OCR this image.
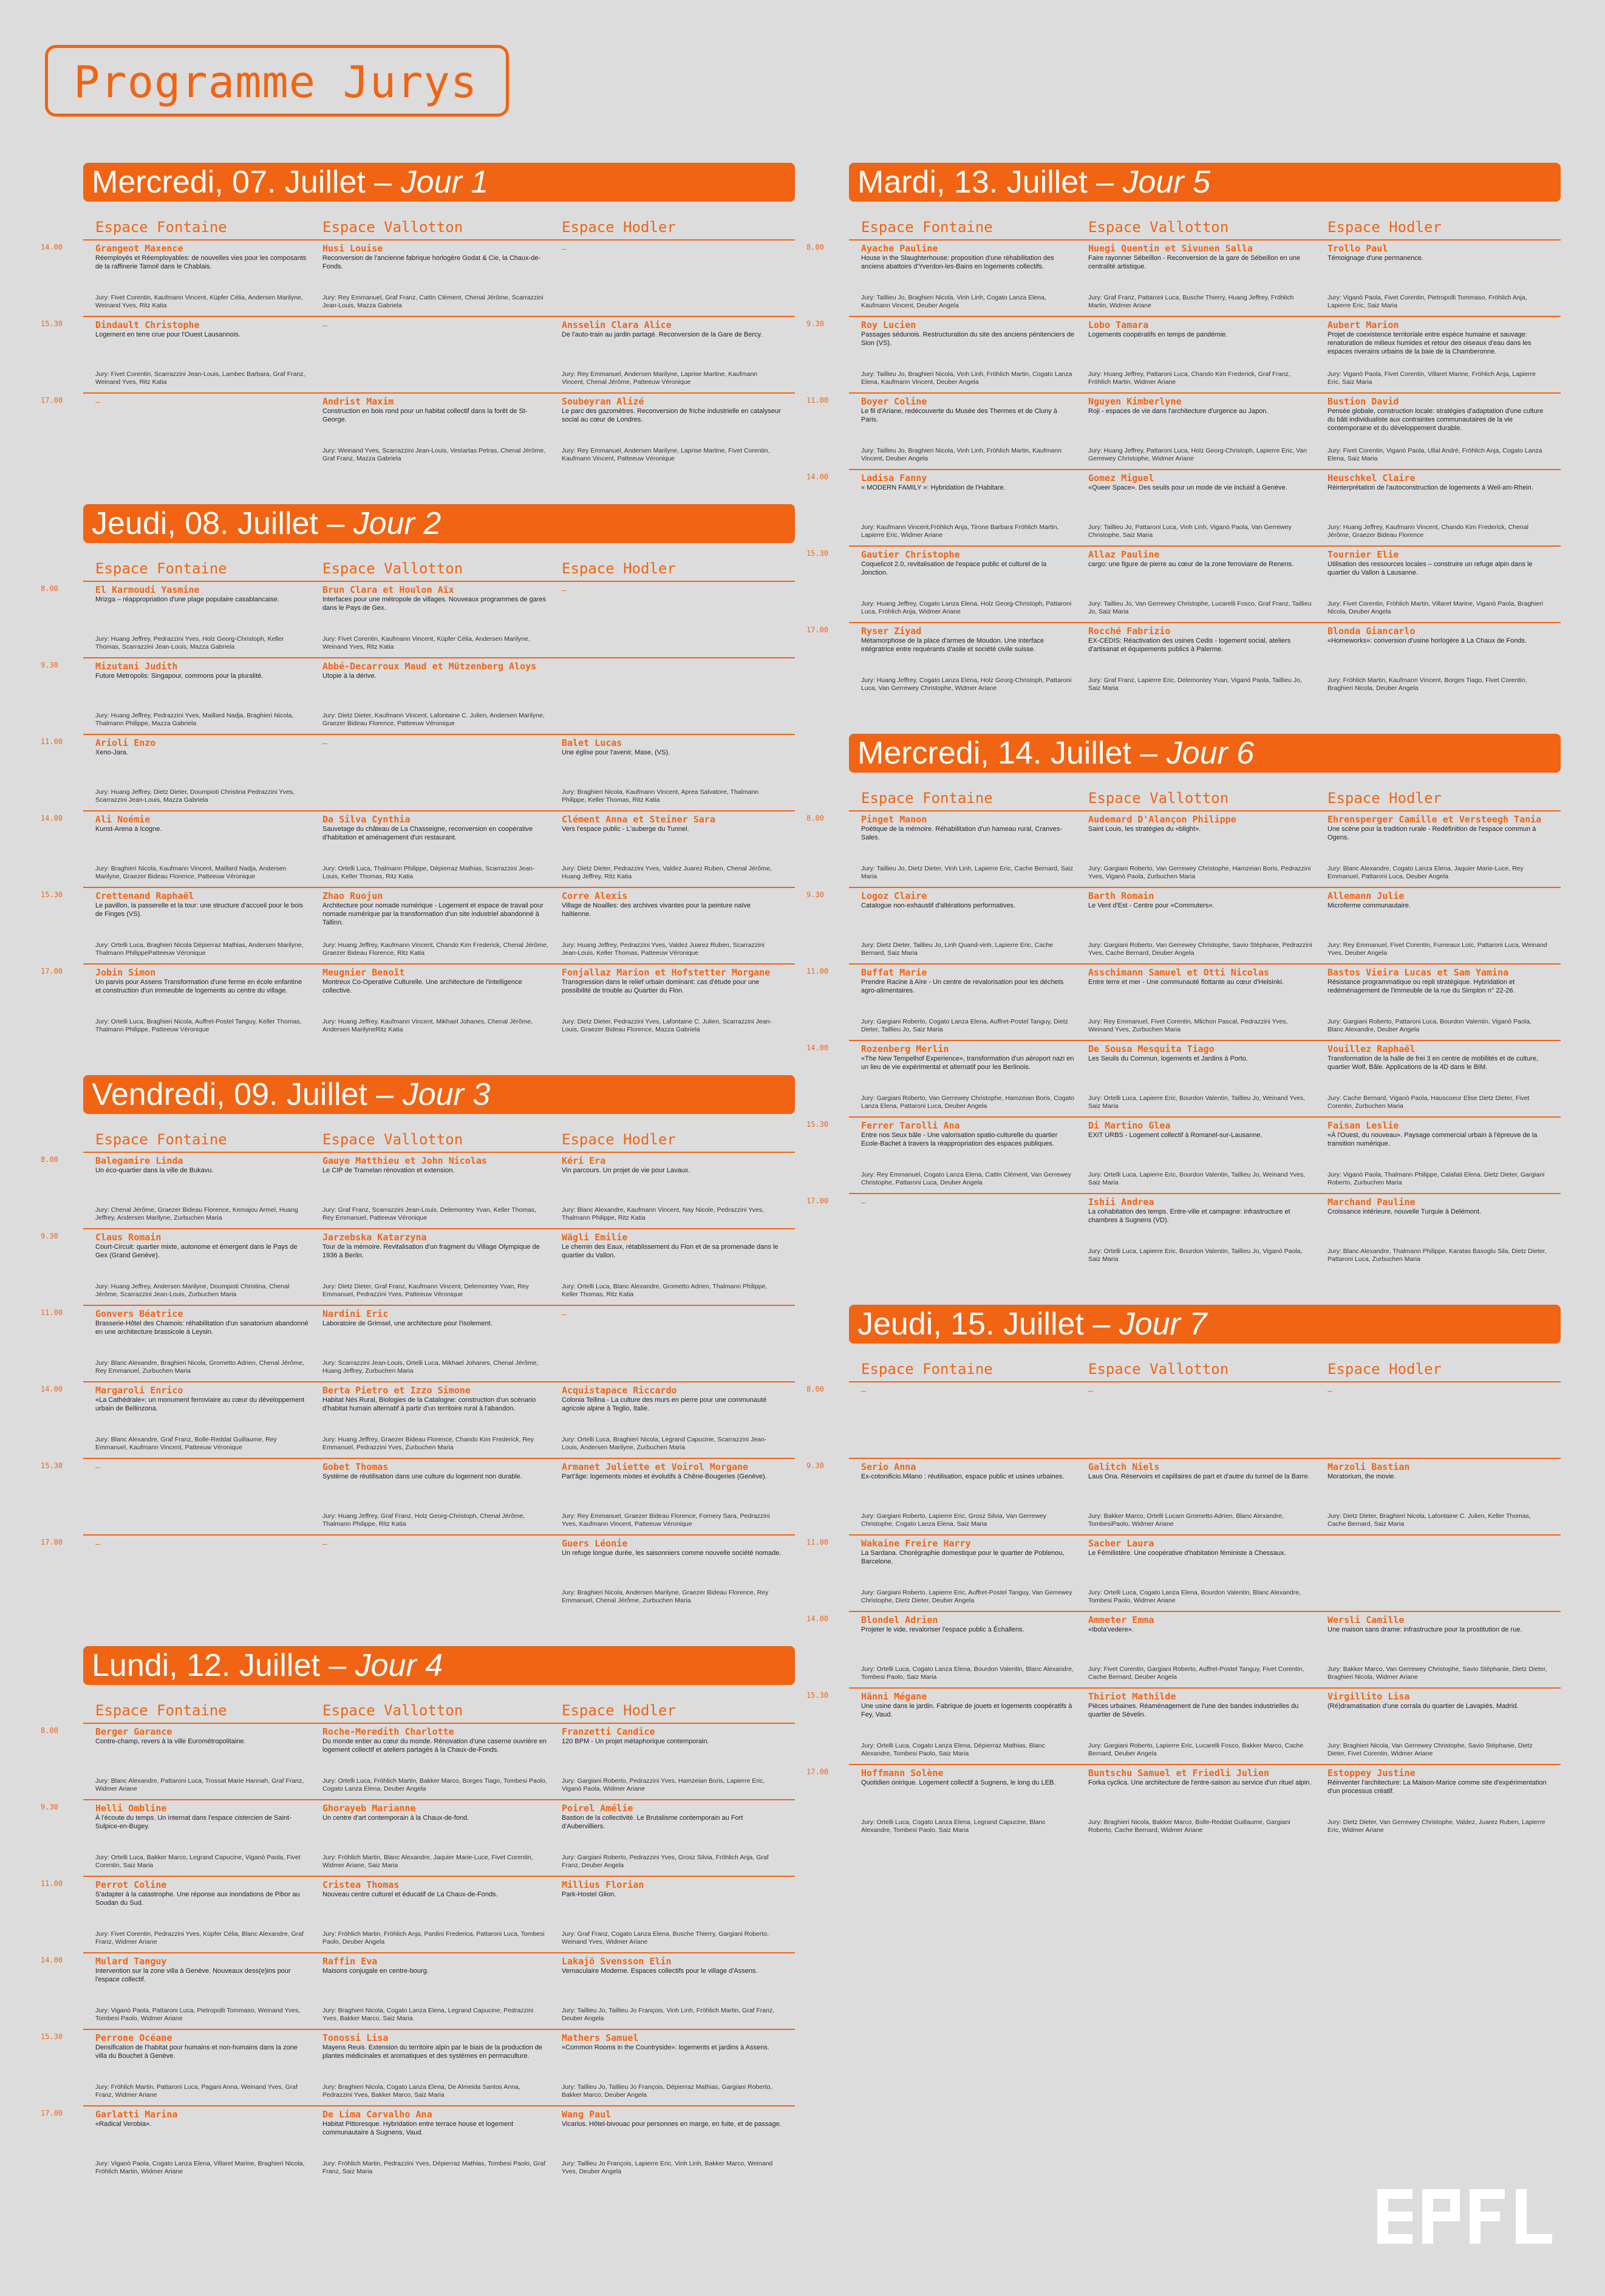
Programme Jurys
Mercredi, 07. Juillet – Jour 1
Espace Fontaine	Espace Vallotton	Espace Hodler
14.00	Grangeot Maxence
Réemployés et Réemployables: de nouvelles vies pour les composants de la raffinerie Tamoil dans le Chablais.
Jury: Fivet Corentin, Kaufmann Vincent, Küpfer Célia, Andersen Marilyne, Weinand Yves, Ritz Katia
Husi Louise
Reconversion de l'ancienne fabrique horlogère Godat & Cie, la Chaux-de-Fonds.
Jury: Rey Emmanuel, Graf Franz, Cattin Clément, Chenal Jérôme, Scarrazzini Jean-Louis, Mazza Gabriela
–
15.30	Dindault Christophe
Logement en terre crue pour l'Ouest Lausannois.
Jury: Fivet Corentin, Scarrazzini Jean-Louis, Lambec Barbara, Graf Franz, Weinand Yves, Ritz Katia
–	Ansselin Clara Alice
De l'auto-train au jardin partagé. Reconversion de la Gare de Bercy.
Jury: Rey Emmanuel, Andersen Marilyne, Laprise Martine, Kaufmann Vincent, Chenal Jérôme, Patteeuw Véronique
17.00	–	Andrist Maxim
Construction en bois rond pour un habitat collectif dans la forêt de St-George.
Jury: Weinand Yves, Scarrazzini Jean-Louis, Vestartas Petras, Chenal Jérôme, Graf Franz, Mazza Gabriela
Soubeyran Alizé
Le parc des gazomètres. Reconversion de friche industrielle en catalyseur social au cœur de Londres.
Jury: Rey Emmanuel, Andersen Marilyne, Laprise Martine, Fivet Corentin, Kaufmann Vincent, Patteeuw Véronique
Jeudi, 08. Juillet – Jour 2
Espace Fontaine	Espace Vallotton	Espace Hodler
8.00	El Karmoudi Yasmine
Mrizga – réappropriation d'une plage populaire casablancaise.
Jury: Huang Jeffrey, Pedrazzini Yves, Holz Georg-Christoph, Keller Thomas, Scarrazzini Jean-Louis, Mazza Gabriela
Brun Clara et Houlon Aïx
Interfaces pour une métropole de villages. Nouveaux programmes de gares dans le Pays de Gex.
Jury: Fivet Corentin, Kaufmann Vincent, Küpfer Célia, Andersen Marilyne, Weinand Yves, Ritz Katia
–
9.30	Mizutani Judith
Future Metropolis: Singapour, commons pour la pluralité.
Jury: Huang Jeffrey, Pedrazzini Yves, Maillard Nadja, Braghieri Nicola, Thalmann Philippe, Mazza Gabriela
Abbé-Decarroux Maud et Mützenberg Aloys
Utopie à la dérive.
Jury: Dietz Dieter, Kaufmann Vincent, Lafontaine C. Julien, Andersen Marilyne, Graezer Bideau Florence, Patteeuw Véronique
11.00	Arioli Enzo
Xeno-Jara.
Jury: Huang Jeffrey, Dietz Dieter, Doumpioti Christina Pedrazzini Yves, Scarrazzini Jean-Louis, Mazza Gabriela
–	Balet Lucas
Une église pour l'avenir, Mase, (VS).
Jury: Braghieri Nicola, Kaufmann Vincent, Aprea Salvatore, Thalmann Philippe, Keller Thomas, Ritz Katia
14.00	Ali Noémie
Kunst-Arena à Icogne.
Jury: Braghieri Nicola, Kaufmann Vincent, Maillard Nadja, Andersen Marilyne, Graezer Bideau Florence, Patteeuw Véronique
Da Silva Cynthia
Sauvetage du château de La Chasseigne, reconversion en coopérative d'habitation et aménagement d'un restaurant.
Jury: Ortelli Luca, Thalmann Philippe, Dépierraz Mathias, Scarrazzini Jean-Louis, Keller Thomas, Ritz Katia
Clément Anna et Steiner Sara
Vers l'espace public - L'auberge du Tunnel.
Jury: Dietz Dieter, Pedrazzini Yves, Valdez Juarez Ruben, Chenal Jérôme, Huang Jeffrey, Ritz Katia
15.30	Crettenand Raphaël
Le pavillon, la passerelle et la tour: une structure d'accueil pour le bois de Finges (VS).
Jury: Ortelli Luca, Braghieri Nicola Dépierraz Mathias, Andersen Marilyne, Thalmann PhilippePatteeuw Véronique
Zhao Ruojun
Architecture pour nomade numérique - Logement et espace de travail pour nomade numérique par la transformation d'un site industriel abandonné à Tallinn.
Jury: Huang Jeffrey, Kaufmann Vincent, Chando Kim Frederick, Chenal Jérôme, Graezer Bideau Florence, Ritz Katia
Corre Alexis
Village de Noailles: des archives vivantes pour la peinture naïve haïtienne.
Jury: Huang Jeffrey, Pedrazzini Yves, Valdez Juarez Ruben, Scarrazzini Jean-Louis, Keller Thomas, Patteeuw Véronique
17.00	Jobin Simon
Un parvis pour Assens Transformation d'une ferme en école enfantine et construction d'un immeuble de logements au centre du village.
Jury: Ortelli Luca, Braghieri Nicola, Auffret-Postel Tanguy, Keller Thomas, Thalmann Philippe, Patteeuw Véronique
Meugnier Benoît
Montreux Co-Operative Culturelle. Une architecture de l'intelligence collective.
Jury: Huang Jeffrey, Kaufmann Vincent, Mikhael Johanes, Chenal Jérôme, Andersen MarilyneRitz Katia
Fonjallaz Marion et Hofstetter Morgane
Transgression dans le relief urbain dominant: cas d'étude pour une possibilité de trouble au Quartier du Flon.
Jury: Dietz Dieter, Pedrazzini Yves, Lafontaine C. Julien, Scarrazzini Jean-Louis, Graezer Bideau Florence, Mazza Gabriela
Vendredi, 09. Juillet – Jour 3
Espace Fontaine	Espace Vallotton	Espace Hodler
8.00	Balegamire Linda
Un éco-quartier dans la ville de Bukavu.
Jury: Chenal Jérôme, Graezer Bideau Florence, Kemajou Armel, Huang Jeffrey, Andersen Marilyne, Zurbuchen Maria
Gauye Matthieu et John Nicolas
Le CIP de Tramelan rénovation et extension.
Jury: Graf Franz, Scarrazzini Jean-Louis, Delemontey Yvan, Keller Thomas, Rey Emmanuel, Patteeuw Véronique
Kéri Era
Vin parcours. Un projet de vie pour Lavaux.
Jury: Blanc Alexandre, Kaufmann Vincent, Nay Nicole, Pedrazzini Yves, Thalmann Philippe, Ritz Katia
9.30	Claus Romain
Court-Circuit: quartier mixte, autonome et émergent dans le Pays de Gex (Grand Genève).
Jury: Huang Jeffrey, Andersen Marilyne, Doumpioti Christina, Chenal Jérôme, Scarrazzini Jean-Louis, Zurbuchen Maria
Jarzebska Katarzyna
Tour de la mémoire. Revitalisation d'un fragment du Village Olympique de 1936 à Berlin.
Jury: Dietz Dieter, Graf Franz, Kaufmann Vincent, Delemontey Yvan, Rey Emmanuel, Pedrazzini Yves, Patteeuw Véronique
Wägli Emilie
Le chemin des Eaux, rétablissement du Flon et de sa promenade dans le quartier du Vallon.
Jury: Ortelli Luca, Blanc Alexandre, Grometto Adrien, Thalmann Philippe, Keller Thomas, Ritz Katia
11.00	Gonvers Béatrice
Brasserie-Hôtel des Chamois: réhabilitation d'un sanatorium abandonné en une architecture brassicole à Leysin.
Jury: Blanc Alexandre, Braghieri Nicola, Grometto Adrien, Chenal Jérôme, Rey Emmanuel, Zurbuchen Maria
Nardini Eric
Laboratoire de Grimsel, une architecture pour l'isolement.
Jury: Scarrazzini Jean-Louis, Ortelli Luca, Mikhael Johanes, Chenal Jérôme, Huang Jeffrey, Zurbuchen Maria
–
14.00	Margaroli Enrico
«La Cathédrale»: un monument ferroviaire au cœur du développement urbain de Bellinzona.
Jury: Blanc Alexandre, Graf Franz, Bolle-Reddat Guillaume, Rey Emmanuel, Kaufmann Vincent, Patteeuw Véronique
Berta Pietro et Izzo Simone
Habitat Nés Rural, Biologies de la Catalogne: construction d'un scénario d'habitat humain alternatif à partir d'un territoire rural à l'abandon.
Jury: Huang Jeffrey, Graezer Bideau Florence, Chando Kim Frederick, Rey Emmanuel, Pedrazzini Yves, Zurbuchen Maria
Acquistapace Riccardo
Colonia Tellina - La culture des murs en pierre pour une communauté agricole alpine à Teglio, Italie.
Jury: Ortelli Luca, Braghieri Nicola, Legrand Capucine, Scarrazzini Jean-Louis, Andersen Marilyne, Zurbuchen Maria
15.30	–	Gobet Thomas
Système de réutilisation dans une culture du logement non durable.
Jury: Huang Jeffrey, Graf Franz, Holz Georg-Christoph, Chenal Jérôme, Thalmann Philippe, Ritz Katia
Armanet Juliette et Voirol Morgane
Part'âge: logements mixtes et évolutifs à Chêne-Bougeries (Genève).
Jury: Rey Emmanuel, Graezer Bideau Florence, Fornery Sara, Pedrazzini Yves, Kaufmann Vincent, Patteeuw Véronique
17.00	–	–	Guers Léonie
Un refuge longue durée, les saisonniers comme nouvelle société nomade.
Jury: Braghieri Nicola, Andersen Marilyne, Graezer Bideau Florence, Rey Emmanuel, Chenal Jérôme, Zurbuchen Maria
Lundi, 12. Juillet – Jour 4
Espace Fontaine	Espace Vallotton	Espace Hodler
8.00	Berger Garance
Contre-champ, revers à la ville Eurométropolitaine.
Jury: Blanc Alexandre, Pattaroni Luca, Trossat Marie Hannah, Graf Franz, Widmer Ariane
Roche-Meredith Charlotte
Du monde entier au cœur du monde. Rénovation d'une caserne ouvrière en logement collectif et ateliers partagés à la Chaux-de-Fonds.
Jury: Ortelli Luca, Fröhlich Martin, Bakker Marco, Borges Tiago, Tombesi Paolo, Cogato Lanza Elena, Deuber Angela
Franzetti Candice
120 BPM - Un projet métaphorique contemporain.
Jury: Gargiani Roberto, Pedrazzini Yves, Hamzeian Boris, Lapierre Eric, Viganò Paola, Widmer Ariane
9.30	Helli Ombline
À l'écoute du temps. Un internat dans l'espace cistercien de Saint-Sulpice-en-Bugey.
Jury: Ortelli Luca, Bakker Marco, Legrand Capucine, Viganò Paola, Fivet Corentin, Saiz Maria
Ghorayeb Marianne
Un centre d'art contemporain à la Chaux-de-fond.
Jury: Fröhlich Martin, Blanc Alexandre, Jaquier Marie-Luce, Fivet Corentin, Widmer Ariane, Saiz Maria
Poirel Amélie
Bastion de la collectivité. Le Brutalisme contemporain au Fort d'Aubervilliers.
Jury: Gargiani Roberto, Pedrazzini Yves, Grosz Silvia, Fröhlich Anja, Graf Franz, Deuber Angela
11.00	Perrot Coline
S'adapter à la catastrophe. Une réponse aux inondations de Pibor au Soudan du Sud.
Jury: Fivet Corentin, Pedrazzini Yves, Küpfer Célia, Blanc Alexandre, Graf Franz, Widmer Ariane
Cristea Thomas
Nouveau centre culturel et éducatif de La Chaux-de-Fonds.
Jury: Fröhlich Martin, Fröhlich Anja, Pardini Frederica, Pattaroni Luca, Tombesi Paolo, Deuber Angela
Millius Florian
Park-Hostel Glion.
Jury: Graf Franz, Cogato Lanza Elena, Busche Thierry, Gargiani Roberto, Weinand Yves, Widmer Ariane
14.00	Mulard Tanguy
Intervention sur la zone villa à Genève. Nouveaux dess(e)ins pour l'espace collectif.
Jury: Viganò Paola, Pattaroni Luca, Pietropolli Tommaso, Weinand Yves, Tombesi Paolo, Widmer Ariane
Raffin Eva
Maisons conjugale en centre-bourg.
Jury: Braghieri Nicola, Cogato Lanza Elena, Legrand Capucine, Pedrazzini Yves, Bakker Marco, Saiz Maria
Lakajö Svensson Elin
Vernaculaire Moderne. Espaces collectifs pour le village d'Assens.
Jury: Taillieu Jo, Taillieu Jo François, Vinh Linh, Fröhlich Martin, Graf Franz, Deuber Angela
15.30	Perrone Océane
Densification de l'habitat pour humains et non-humains dans la zone villa du Bouchet à Genève.
Jury: Fröhlich Martin, Pattaroni Luca, Pagani Anna, Weinand Yves, Graf Franz, Widmer Ariane
Tonossi Lisa
Mayens Reuis. Extension du territoire alpin par le biais de la production de plantes médicinales et aromatiques et des systèmes en permaculture.
Jury: Braghieri Nicola, Cogato Lanza Elena, De Almeida Santos Anna, Pedrazzini Yves, Bakker Marco, Saiz Maria
Mathers Samuel
«Common Rooms in the Countryside»: logements et jardins à Assens.
Jury: Taillieu Jo, Taillieu Jo François, Dépierraz Mathias, Gargiani Roberto, Bakker Marco, Deuber Angela
17.00	Garlatti Marina
«Radical Verobia».
Jury: Viganò Paola, Cogato Lanza Elena, Villaret Marine, Braghieri Nicola, Fröhlich Martin, Widmer Ariane
De Lima Carvalho Ana
Habitat Pittoresque. Hybridation entre terrace house et logement communautaire à Sugnens, Vaud.
Jury: Fröhlich Martin, Pedrazzini Yves, Dépierraz Mathias, Tombesi Paolo, Graf Franz, Saiz Maria
Wang Paul
Vicarius. Hôtel-bivouac pour personnes en marge, en fuite, et de passage.
Jury: Taillieu Jo François, Lapierre Eric, Vinh Linh, Bakker Marco, Weinand Yves, Deuber Angela
Mardi, 13. Juillet – Jour 5
Espace Fontaine	Espace Vallotton	Espace Hodler
8.00	Ayache Pauline
House in the Slaughterhouse: proposition d'une réhabilitation des anciens abattoirs d'Yverdon-les-Bains en logements collectifs.
Jury: Taillieu Jo, Braghieri Nicola, Vinh Linh, Cogato Lanza Elena, Kaufmann Vincent, Deuber Angela
Huegi Quentin et Sivunen Salla
Faire rayonner Sébeillon - Reconversion de la gare de Sébeillon en une centralité artistique.
Jury: Graf Franz, Pattaroni Luca, Busche Thierry, Huang Jeffrey, Fröhlich Martin, Widmer Ariane
Trollo Paul
Témoignage d'une permanence.
Jury: Viganò Paola, Fivet Corentin, Pietropolli Tommaso, Fröhlich Anja, Lapierre Eric, Saiz Maria
9.30	Roy Lucien
Passages sédunois. Restructuration du site des anciens pénitenciers de Sion (VS).
Jury: Taillieu Jo, Braghieri Nicola, Vinh Linh, Fröhlich Martin, Cogato Lanza Elena, Kaufmann Vincent, Deuber Angela
Lobo Tamara
Logements coopératifs en temps de pandémie.
Jury: Huang Jeffrey, Pattaroni Luca, Chando Kim Frederick, Graf Franz, Fröhlich Martin, Widmer Ariane
Aubert Marion
Projet de coexistence territoriale entre espèce humaine et sauvage: renaturation de milieux humides et retour des oiseaux d'eau dans les espaces riverains urbains de la baie de la Chamberonne.
Jury: Viganò Paola, Fivet Corentin, Villaret Marine, Fröhlich Anja, Lapierre Eric, Saiz Maria
11.00	Boyer Coline
Le fil d'Ariane, redécouverte du Musée des Thermes et de Cluny à Paris.
Jury: Taillieu Jo, Braghieri Nicola, Vinh Linh, Fröhlich Martin, Kaufmann Vincent, Deuber Angela
Nguyen Kimberlyne
Roji - espaces de vie dans l'architecture d'urgence au Japon.
Jury: Huang Jeffrey, Pattaroni Luca, Holz Georg-Christoph, Lapierre Eric, Van Gerrewey Christophe, Widmer Ariane
Bustion David
Pensée globale, construction locale: stratégies d'adaptation d'une culture du bâti individualiste aux contraintes communautaires de la vie contemporaine et du développement durable.
Jury: Fivet Corentin, Viganò Paola, Ullal André, Fröhlich Anja, Cogato Lanza Elena, Saiz Maria
14.00	Ladisa Fanny
« MODERN FAMILY »: Hybridation de l'Habitare.
Jury: Kaufmann Vincent,Fröhlich Anja, Tirone Barbara Fröhlich Martin, Lapierre Eric, Widmer Ariane
Gomez Miguel
«Queer Space». Des seuils pour un mode de vie incluisf à Genève.
Jury: Taillieu Jo, Pattaroni Luca, Vinh Linh, Viganò Paola, Van Gerrewey Christophe, Saiz Maria
Heuschkel Claire
Réinterprétation de l'autoconstruction de logements à Weil-am-Rhein.
Jury: Huang Jeffrey, Kaufmann Vincent, Chando Kim Frederick, Chenal Jérôme, Graezer Bideau Florence
15.30	Gautier Christophe
Coquelicot 2.0, revitalisation de l'espace public et culturel de la Jonction.
Jury: Huang Jeffrey, Cogato Lanza Elena, Holz Georg-Christoph, Pattaroni Luca, Fröhlich Anja, Widmer Ariane
Allaz Pauline
cargo: une figure de pierre au cœur de la zone ferroviaire de Renens.
Jury: Taillieu Jo, Van Gerrewey Christophe, Lucarelli Fosco, Graf Franz, Taillieu Jo, Saiz Maria
Tournier Elie
Utilisation des ressources locales – construire un refuge alpin dans le quartier du Vallon à Lausanne.
Jury: Fivet Corentin, Fröhlich Martin, Villaret Marine, Viganò Paola, Braghieri Nicola, Deuber Angela
17.00	Ryser Ziyad
Métamorphose de la place d'armes de Moudon. Une interface intégratrice entre requérants d'asile et société civile suisse.
Jury: Huang Jeffrey, Cogato Lanza Elena, Holz Georg-Christoph, Pattaroni Luca, Van Gerrewey Christophe, Widmer Ariane
Rocché Fabrizio
EX-CEDIS: Réactivation des usines Cedis - logement social, ateliers d'artisanat et équipements publics à Palerme.
Jury: Graf Franz, Lapierre Eric, Delemontey Yvan, Viganò Paola, Taillieu Jo, Saiz Maria
Blonda Giancarlo
«Homeworks»: conversion d'usine horlogère à La Chaux de Fonds.
Jury: Fröhlich Martin, Kaufmann Vincent, Borges Tiago, Fivet Corentin, Braghieri Nicola, Deuber Angela
Mercredi, 14. Juillet – Jour 6
Espace Fontaine	Espace Vallotton	Espace Hodler
8.00	Pinget Manon
Poétique de la mémoire. Réhabilitation d'un hameau rural, Cranves-Sales.
Jury: Taillieu Jo, Dietz Dieter, Vinh Linh, Lapierre Eric, Cache Bernard, Saiz Maria
Audemard D'Alançon Philippe
Saint Louis, les stratégies du «blight».
Jury: Gargiani Roberto, Van Gerrewey Christophe, Hamzeian Boris, Pedrazzini Yves, Viganò Paola, Zurbuchen Maria
Ehrensperger Camille et Versteegh Tania
Une scène pour la tradition rurale - Redéfinition de l'espace commun à Ogens.
Jury: Blanc Alexandre, Cogato Lanza Elena, Jaquier Marie-Luce, Rey Emmanuel, Pattaroni Luca, Deuber Angela
9.30	Logoz Claire
Catalogue non-exhaustif d'altérations performatives.
Jury: Dietz Dieter, Taillieu Jo, Linh Quand-vinh, Lapierre Eric, Cache Bernard, Saiz Maria
Barth Romain
Le Vent d'Est - Centre pour «Commuters».
Jury: Gargiani Roberto, Van Gerrewey Christophe, Savio Stéphanie, Pedrazzini Yves, Cache Bernard, Deuber Angela
Allemann Julie
Microferme communautaire.
Jury: Rey Emmanuel, Fivet Corentin, Fumeaux Loïc, Pattaroni Luca, Weinand Yves, Deuber Angela
11.00	Buffat Marie
Prendre Racine à Aïre - Un centre de revalorisation pour les déchets agro-alimentaires.
Jury: Gargiani Roberto, Cogato Lanza Elena, Auffret-Postel Tanguy, Dietz Dieter, Taillieu Jo, Saiz Maria
Asschimann Samuel et Otti Nicolas
Entre terre et mer - Une communauté flottante au cœur d'Helsinki.
Jury: Rey Emmanuel, Fivet Corentin, Mlichon Pascal, Pedrazzini Yves, Weinand Yves, Zurbuchen Maria
Bastos Vieira Lucas et Sam Yamina
Résistance programmatique ou repli stratégique. Hybridation et redéménagement de l'immeuble de la rue du Simplon n° 22-26.
Jury: Gargiani Roberto, Pattaroni Luca, Bourdon Valentin, Viganò Paola, Blanc Alexandre, Deuber Angela
14.00	Rozenberg Merlin
«The New Tempelhof Experience», transformation d'un aéroport nazi en un lieu de vie expérimental et alternatif pour les Berlinois.
Jury: Gargiani Roberto, Van Gerrewey Christophe, Hamzeian Boris, Cogato Lanza Elena, Pattaroni Luca, Deuber Angela
De Sousa Mesquita Tiago
Les Seuils du Commun, logements et Jardins à Porto.
Jury: Ortelli Luca, Lapierre Eric, Bourdon Valentin, Taillieu Jo, Weinand Yves, Saiz Maria
Vouillez Raphaël
Transformation de la halle de frei 3 en centre de mobilités et de culture, quartier Wolf, Bâle. Applications de la 4D dans le BIM.
Jury: Cache Bernard, Viganò Paola, Hauscoeur Elise Dietz Dieter, Fivet Corentin, Zurbuchen Maria
15.30	Ferrer Tarolli Ana
Entre nos Seux bâle - Une valorisation spatio-culturelle du quartier Ecole-Bachet à travers la réappropriation des espaces publiques.
Jury: Rey Emmanuel, Cogato Lanza Elena, Cattin Clément, Van Gerrewey Christophe, Pattaroni Luca, Deuber Angela
Di Martino Glea
EXIT URBS - Logement collectif à Romanel-sur-Lausanne.
Jury: Ortelli Luca, Lapierre Eric, Bourdon Valentin, Taillieu Jo, Weinand Yves, Saiz Maria
Faisan Leslie
«À l'Ouest, du nouveau». Paysage commercial urbain à l'épreuve de la transition numérique.
Jury: Viganò Paola, Thalmann Philippe, Calafati Elena, Dietz Dieter, Gargiani Roberto, Zurbuchen Maria
17.00	–	Ishii Andrea
La cohabitation des temps. Entre-ville et campagne: infrastructure et chambres à Sugnens (VD).
Jury: Ortelli Luca, Lapierre Eric, Bourdon Valentin, Taillieu Jo, Viganò Paola, Saiz Maria
Marchand Pauline
Croissance intérieure, nouvelle Turquie à Delémont.
Jury: Blanc Alexandre, Thalmann Philippe, Karatas Basoglu Sila, Dietz Dieter, Pattaroni Luca, Zurbuchen Maria
Jeudi, 15. Juillet – Jour 7
Espace Fontaine	Espace Vallotton	Espace Hodler
8.00	–	–	–
9.30	Serio Anna
Ex-cotonificio.Milano : réutilisation, espace public et usines urbaines.
Jury: Gargiani Roberto, Lapierre Eric, Grosz Silvia, Van Gerrewey Christophe, Cogato Lanza Elena, Saiz Maria
Galitch Niels
Laus Ona. Réservoirs et capillaires de part et d'autre du tunnel de la Barre.
Jury: Bakker Marco, Ortelli Lucam Grometto Adrien, Blanc Alexandre, TombesiPaolo, Widmer Ariane
Marzoli Bastian
Moratorium, the movie.
Jury: Dietz Dieter, Braghieri Nicola, Lafontaine C. Julien, Keller Thomas, Cache Bernard, Saiz Maria
11.00	Wakaine Freire Harry
La Sardana. Chorégraphie domestique pour le quartier de Poblenou, Barcelone.
Jury: Gargiani Roberto, Lapierre Eric, Auffret-Postel Tanguy, Van Gerrewey Christophe, Dietz Dieter, Deuber Angela
Sacher Laura
Le Fémilistère. Une coopérative d'habitation féministe à Chessaux.
Jury: Ortelli Luca, Cogato Lanza Elena, Bourdon Valentin, Blanc Alexandre, Tombesi Paolo, Widmer Ariane
14.00	Blondel Adrien
Projeter le vide, revaloriser l'espace public à Échallens.
Jury: Ortelli Luca, Cogato Lanza Elena, Bourdon Valentin, Blanc Alexandre, Tombesi Paolo, Saiz Maria
Ammeter Emma
«Ibola'vedere».
Jury: Fivet Corentin, Gargiani Roberto, Auffret-Postel Tanguy, Fivet Corentin, Cache Bernard, Deuber Angela
Wersli Camille
Une maison sans drame: infrastructure pour la prostitution de rue.
Jury: Bakker Marco, Van Gerrewey Christophe, Savio Stéphanie, Dietz Dieter, Braghieri Nicola, Widmer Ariane
15.30	Hänni Mégane
Une usine dans le jardin. Fabrique de jouets et logements coopératifs à Fey, Vaud.
Jury: Ortelli Luca, Cogato Lanza Elena, Dépierraz Mathias, Blanc Alexandre, Tombesi Paolo, Saiz Maria
Thiriot Mathilde
Pièces urbaines. Réaménagement de l'une des bandes industrielles du quartier de Sévelin.
Jury: Gargiani Roberto, Lapierre Eric, Lucarelli Fosco, Bakker Marco, Cache Bernard, Deuber Angela
Virgillito Lisa
(Ré)dramatisation d'une corrala du quartier de Lavapiés, Madrid.
Jury: Braghieri Nicola, Van Gerrewey Christophe, Savio Stéphanie, Dietz Dieter, Fivet Corentin, Widmer Ariane
17.00	Hoffmann Solène
Quotidien onirique. Logement collectif à Sugnens, le long du LEB.
Jury: Ortelli Luca, Cogato Lanza Elena, Legrand Capucine, Blanc Alexandre, Tombesi Paolo, Saiz Maria
Buntschu Samuel et Friedli Julien
Forka cyclica. Une architecture de l'entre-saison au service d'un rituel alpin.
Jury: Braghieri Nicola, Bakker Marco, Bolle-Reddat Guillaume, Gargiani Roberto, Cache Bernard, Widmer Ariane
Estoppey Justine
Réinventer l'architecture: La Maison-Marice comme site d'expérimentation d'un processus créatif.
Jury: Dietz Dieter, Van Gerrewey Christophe, Valdez, Juarez Ruben, Lapierre Eric, Widmer Ariane
